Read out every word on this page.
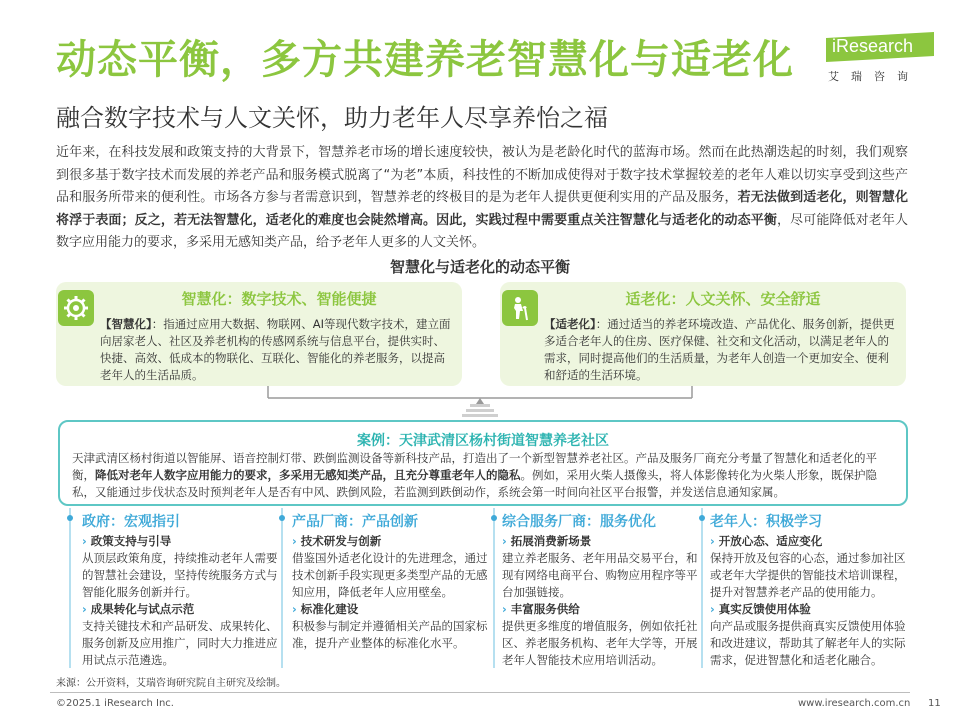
动态平衡，多方共建养老智慧化与适老化 iResearch
艾瑞咨询
融合数字技术与人文关怀，助力老年人尽享养怡之福
近年来，在科技发展和政策支持的大背景下，智慧养老市场的增长速度较快，被认为是老龄化时代的蓝海市场。然而在此热潮迭起的时刻，我们观察到很多基于数字技术而发展的养老产品和服务模式脱离了“为老”本质，科技性的不断加成使得对于数字技术掌握较差的老年人难以切实享受到这些产品和服务所带来的便利性。市场各方参与者需意识到，智慧养老的终极目的是为老年人提供更便利实用的产品及服务，若无法做到适老化，则智慧化将浮于表面；反之，若无法智慧化，适老化的难度也会陡然增高。因此，实践过程中需要重点关注智慧化与适老化的动态平衡，尽可能降低对老年人数字应用能力的要求，多采用无感知类产品，给予老年人更多的人文关怀。
智慧化与适老化的动态平衡
智慧化：数字技术、智能便捷
【智慧化】：指通过应用大数据、物联网、AI等现代数字技术，建立面向居家老人、社区及养老机构的传感网系统与信息平台，提供实时、快捷、高效、低成本的物联化、互联化、智能化的养老服务，以提高老年人的生活品质。
适老化：人文关怀、安全舒适
【适老化】：通过适当的养老环境改造、产品优化、服务创新，提供更多适合老年人的住房、医疗保健、社交和文化活动，以满足老年人的需求，同时提高他们的生活质量，为老年人创造一个更加安全、便利和舒适的生活环境。
案例：天津武清区杨村街道智慧养老社区
天津武清区杨村街道以智能屏、语音控制灯带、跌倒监测设备等新科技产品，打造出了一个新型智慧养老社区。产品及服务厂商充分考量了智慧化和适老化的平衡，降低对老年人数字应用能力的要求，多采用无感知类产品，且充分尊重老年人的隐私。例如，采用火柴人摄像头，将人体影像转化为火柴人形象，既保护隐私，又能通过步伐状态及时预判老年人是否有中风、跌倒风险，若监测到跌倒动作，系统会第一时间向社区平台报警，并发送信息通知家属。
政府：宏观指引
› 政策支持与引导
从顶层政策角度，持续推动老年人需要的智慧社会建设，坚持传统服务方式与智能化服务创新并行。
› 成果转化与试点示范
支持关键技术和产品研发、成果转化、服务创新及应用推广，同时大力推进应用试点示范遴选。
产品厂商：产品创新
› 技术研发与创新
借鉴国外适老化设计的先进理念，通过技术创新手段实现更多类型产品的无感知应用，降低老年人应用壁垒。
› 标准化建设
积极参与制定并遵循相关产品的国家标准，提升产业整体的标准化水平。
综合服务厂商：服务优化
› 拓展消费新场景
建立养老服务、老年用品交易平台，和现有网络电商平台、购物应用程序等平台加强链接。
› 丰富服务供给
提供更多维度的增值服务，例如依托社区、养老服务机构、老年大学等，开展老年人智能技术应用培训活动。
老年人：积极学习
› 开放心态、适应变化
保持开放及包容的心态，通过参加社区或老年大学提供的智能技术培训课程，提升对智慧养老产品的使用能力。
› 真实反馈使用体验
向产品或服务提供商真实反馈使用体验和改进建议，帮助其了解老年人的实际需求，促进智慧化和适老化融合。
来源：公开资料，艾瑞咨询研究院自主研究及绘制。
©2025.1 iResearch Inc.	www.iresearch.com.cn 11
